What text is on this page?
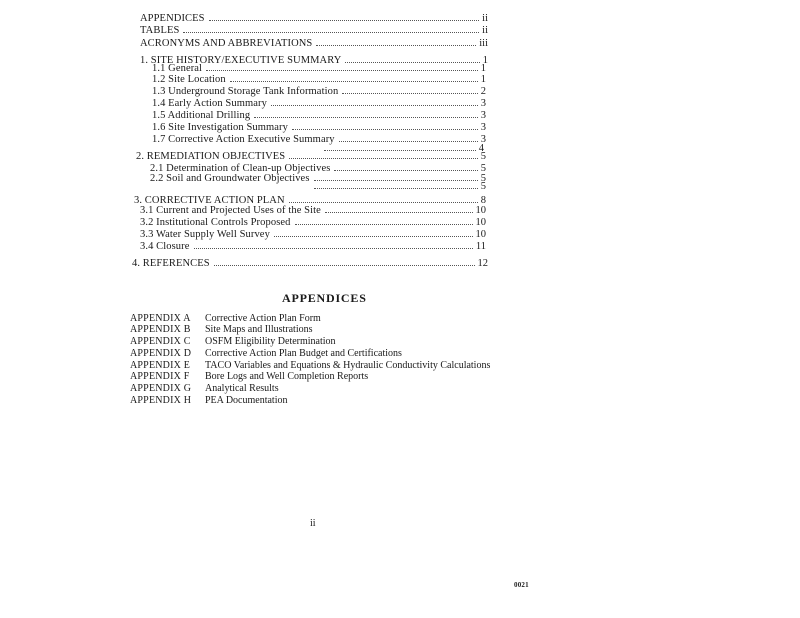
APPENDICES	ii
TABLES	ii
ACRONYMS AND ABBREVIATIONS	iii
1. SITE HISTORY/EXECUTIVE SUMMARY	1
1.1 General	1
1.2 Site Location	1
1.3 Underground Storage Tank Information	2
1.4 Early Action Summary	3
1.5 Additional Drilling	3
1.6 Site Investigation Summary	3
1.7 Corrective Action Executive Summary	3
4
2. REMEDIATION OBJECTIVES	5
2.1 Determination of Clean-up Objectives	5
2.2 Soil and Groundwater Objectives	5
5
3. CORRECTIVE ACTION PLAN	8
3.1 Current and Projected Uses of the Site	10
3.2 Institutional Controls Proposed	10
3.3 Water Supply Well Survey	10
3.4 Closure	11
4. REFERENCES	12
APPENDICES
APPENDIX A	Corrective Action Plan Form
APPENDIX B	Site Maps and Illustrations
APPENDIX C	OSFM Eligibility Determination
APPENDIX D	Corrective Action Plan Budget and Certifications
APPENDIX E	TACO Variables and Equations & Hydraulic Conductivity Calculations
APPENDIX F	Bore Logs and Well Completion Reports
APPENDIX G	Analytical Results
APPENDIX H	PEA Documentation
ii
0021
